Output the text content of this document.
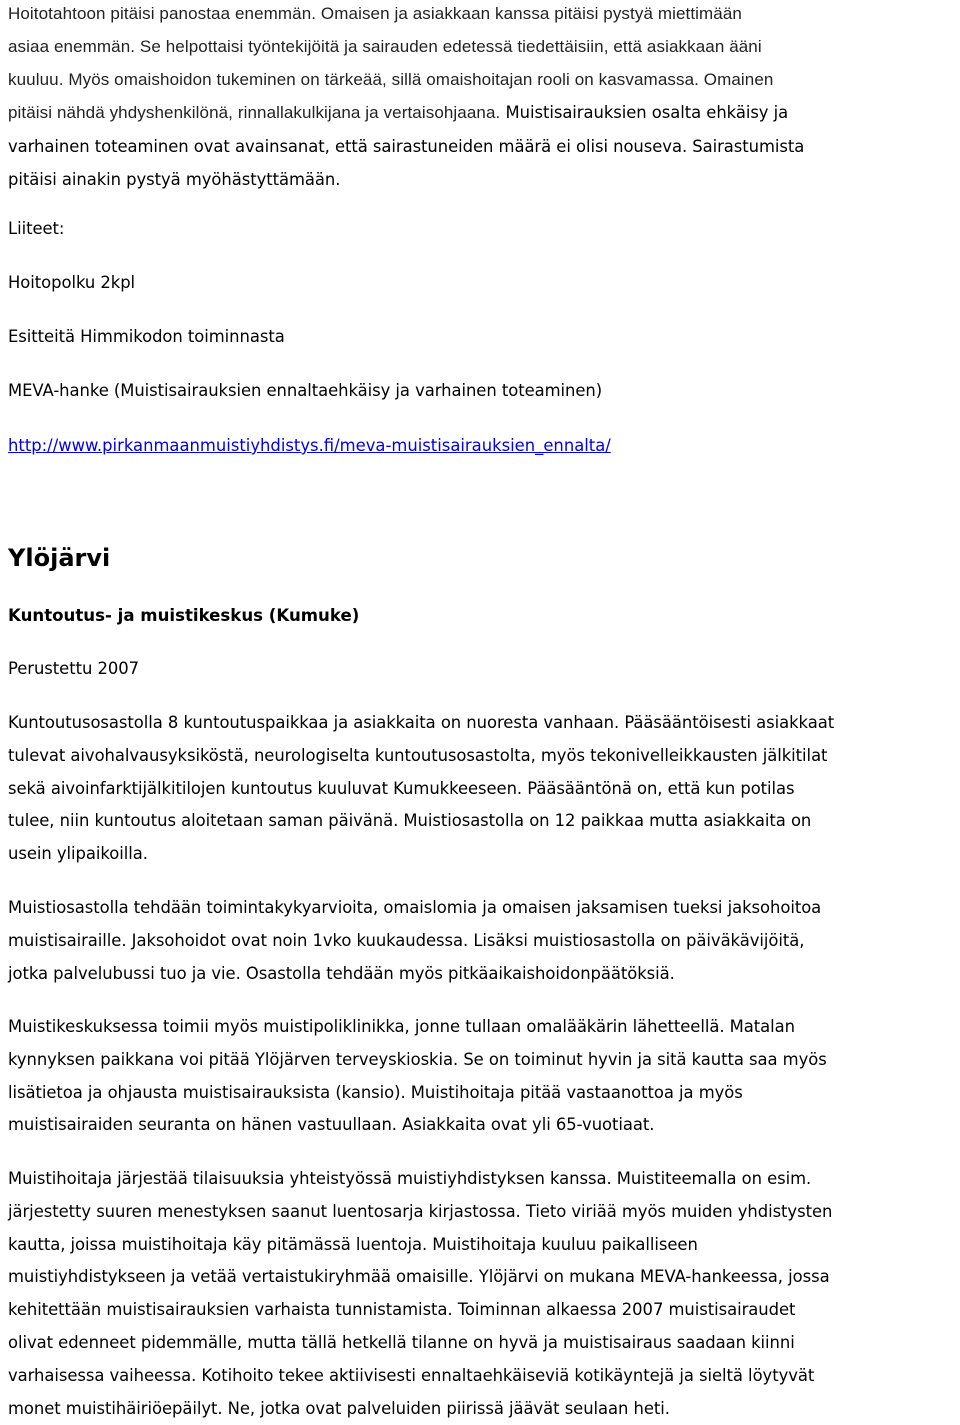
Hoitotahtoon pitäisi panostaa enemmän. Omaisen ja asiakkaan kanssa pitäisi pystyä miettimään
asiaa enemmän. Se helpottaisi työntekijöitä ja sairauden edetessä tiedettäisiin, että asiakkaan ääni
kuuluu. Myös omaishoidon tukeminen on tärkeää, sillä omaishoitajan rooli on kasvamassa. Omainen
pitäisi nähdä yhdyshenkilönä, rinnallakulkijana ja vertaisohjaana. Muistisairauksien osalta ehkäisy ja
varhainen toteaminen ovat avainsanat, että sairastuneiden määrä ei olisi nouseva. Sairastumista
pitäisi ainakin pystyä myöhästyttämään.
Liiteet:
Hoitopolku 2kpl
Esitteitä Himmikodon toiminnasta
MEVA-hanke (Muistisairauksien ennaltaehkäisy ja varhainen toteaminen)
http://www.pirkanmaanmuistiyhdistys.fi/meva-muistisairauksien_ennalta/
Ylöjärvi

Kuntoutus- ja muistikeskus (Kumuke)

Perustettu 2007
Kuntoutusosastolla 8 kuntoutuspaikkaa ja asiakkaita on nuoresta vanhaan. Pääsääntöisesti asiakkaat
tulevat aivohalvausyksiköstä, neurologiselta kuntoutusosastolta, myös tekonivelleikkausten jälkitilat
sekä aivoinfarktijälkitilojen kuntoutus kuuluvat Kumukkeeseen. Pääsääntönä on, että kun potilas
tulee, niin kuntoutus aloitetaan saman päivänä. Muistiosastolla on 12 paikkaa mutta asiakkaita on
usein ylipaikoilla.
Muistiosastolla tehdään toimintakykyarvioita, omaislomia ja omaisen jaksamisen tueksi jaksohoitoa
muistisairaille. Jaksohoidot ovat noin 1vko kuukaudessa. Lisäksi muistiosastolla on päiväkävijöitä,
jotka palvelubussi tuo ja vie. Osastolla tehdään myös pitkäaikaishoidonpäätöksiä.
Muistikeskuksessa toimii myös muistipoliklinikka, jonne tullaan omalääkärin lähetteellä. Matalan
kynnyksen paikkana voi pitää Ylöjärven terveyskioskia. Se on toiminut hyvin ja sitä kautta saa myös
lisätietoa ja ohjausta muistisairauksista (kansio). Muistihoitaja pitää vastaanottoa ja myös
muistisairaiden seuranta on hänen vastuullaan. Asiakkaita ovat yli 65-vuotiaat.
Muistihoitaja järjestää tilaisuuksia yhteistyössä muistiyhdistyksen kanssa. Muistiteemalla on esim.
järjestetty suuren menestyksen saanut luentosarja kirjastossa. Tieto viriää myös muiden yhdistysten
kautta, joissa muistihoitaja käy pitämässä luentoja. Muistihoitaja kuuluu paikalliseen
muistiyhdistykseen ja vetää vertaistukiryhmää omaisille. Ylöjärvi on mukana MEVA-hankeessa, jossa
kehitettään muistisairauksien varhaista tunnistamista. Toiminnan alkaessa 2007 muistisairaudet
olivat edenneet pidemmälle, mutta tällä hetkellä tilanne on hyvä ja muistisairaus saadaan kiinni
varhaisessa vaiheessa. Kotihoito tekee aktiivisesti ennaltaehkäiseviä kotikäyntejä ja sieltä löytyvät
monet muistihäiriöepäilyt. Ne, jotka ovat palveluiden piirissä jäävät seulaan heti.
